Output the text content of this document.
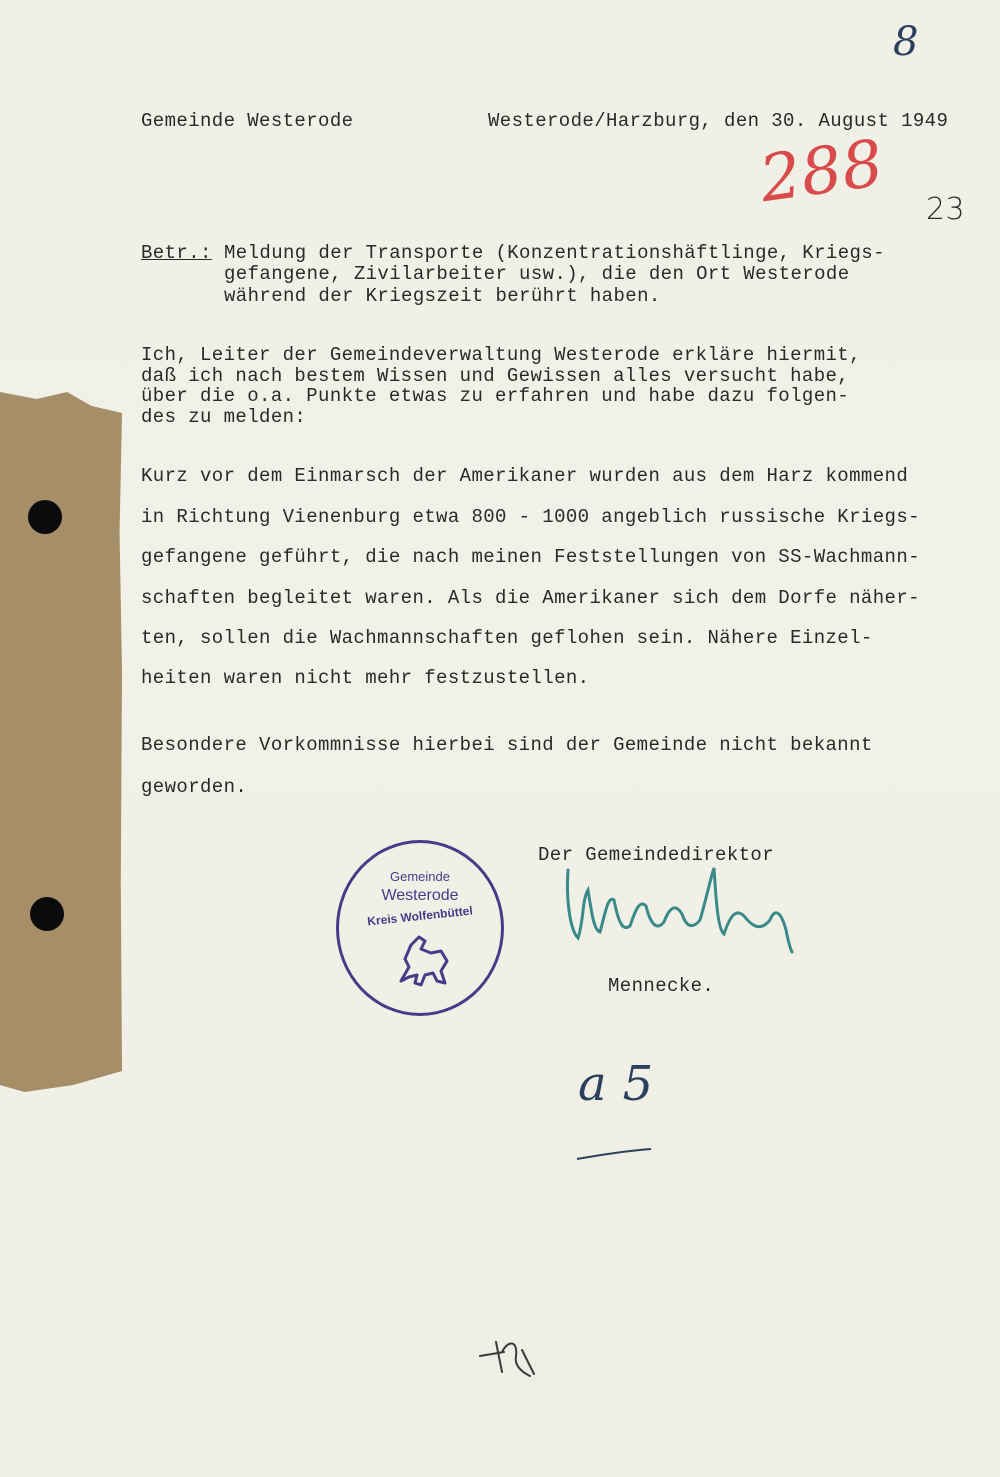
8
Gemeinde Westerode	Westerode/Harzburg, den 30. August 1949
288 23
Betr.: Meldung der Transporte (Konzentrationshäftlinge, Kriegs-
gefangene, Zivilarbeiter usw.), die den Ort Westerode
während der Kriegszeit berührt haben.
Ich, Leiter der Gemeindeverwaltung Westerode erkläre hiermit,
daß ich nach bestem Wissen und Gewissen alles versucht habe,
über die o.a. Punkte etwas zu erfahren und habe dazu folgen-
des zu melden:
Kurz vor dem Einmarsch der Amerikaner wurden aus dem Harz kommend
in Richtung Vienenburg etwa 800 - 1000 angeblich russische Kriegs-
gefangene geführt, die nach meinen Feststellungen von SS-Wachmann-
schaften begleitet waren. Als die Amerikaner sich dem Dorfe näher-
ten, sollen die Wachmannschaften geflohen sein. Nähere Einzel-
heiten waren nicht mehr festzustellen.
Besondere Vorkommnisse hierbei sind der Gemeinde nicht bekannt
geworden.
Der Gemeindedirektor
Mennecke.
Gemeinde
Westerode
Kreis Wolfenbüttel
a 5
